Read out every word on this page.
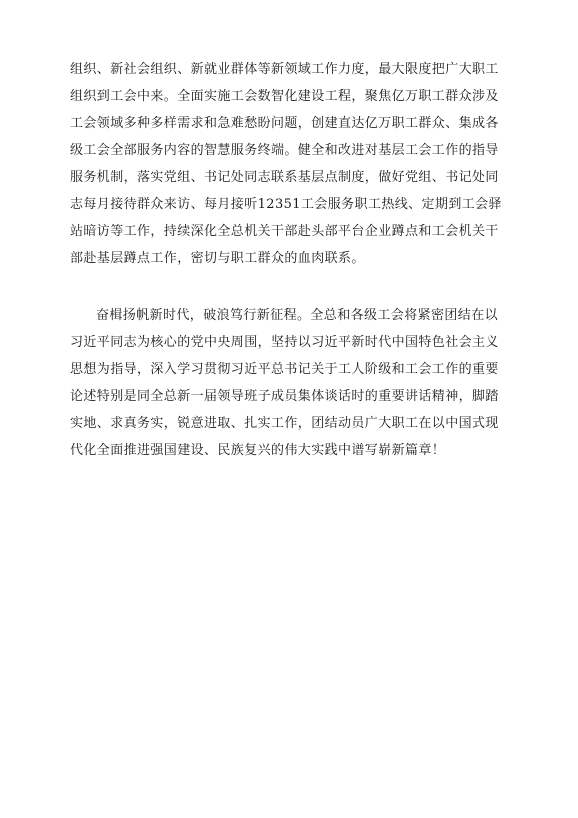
组织、新社会组织、新就业群体等新领域工作力度，最大限度把广大职工
组织到工会中来。全面实施工会数智化建设工程，聚焦亿万职工群众涉及
工会领域多种多样需求和急难愁盼问题，创建直达亿万职工群众、集成各
级工会全部服务内容的智慧服务终端。健全和改进对基层工会工作的指导
服务机制，落实党组、书记处同志联系基层点制度，做好党组、书记处同
志每月接待群众来访、每月接听12351工会服务职工热线、定期到工会驿
站暗访等工作，持续深化全总机关干部赴头部平台企业蹲点和工会机关干
部赴基层蹲点工作，密切与职工群众的血肉联系。

奋楫扬帆新时代，破浪笃行新征程。全总和各级工会将紧密团结在以
习近平同志为核心的党中央周围，坚持以习近平新时代中国特色社会主义
思想为指导，深入学习贯彻习近平总书记关于工人阶级和工会工作的重要
论述特别是同全总新一届领导班子成员集体谈话时的重要讲话精神，脚踏
实地、求真务实，锐意进取、扎实工作，团结动员广大职工在以中国式现
代化全面推进强国建设、民族复兴的伟大实践中谱写崭新篇章！
